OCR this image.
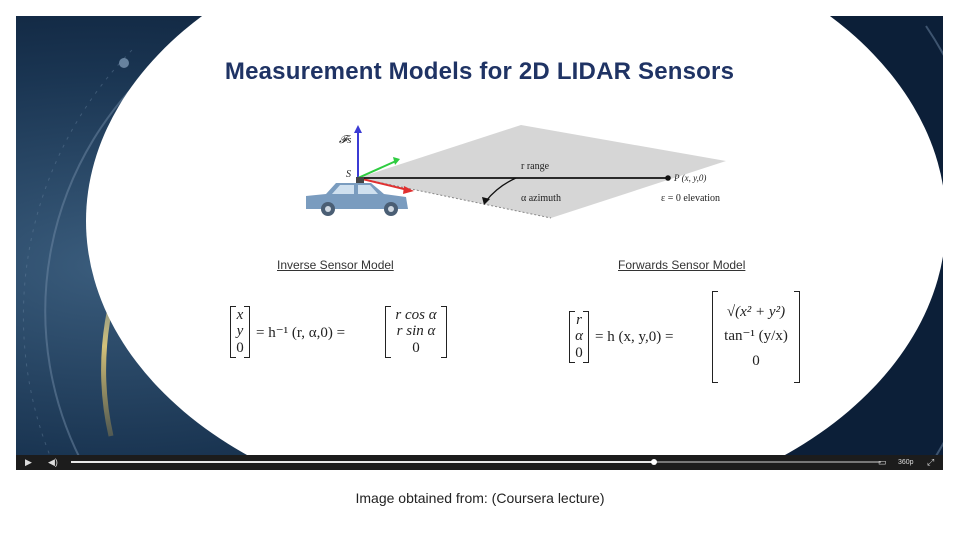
Measurement Models for 2D LIDAR Sensors
𝓕s
S
r range
α azimuth
P (x, y,0)
ε = 0 elevation
Inverse Sensor Model	Forwards Sensor Model
x
y
0
= h⁻¹ (r, α,0) =
r cos α
r sin α
0
r
α
0
= h (x, y,0) =
√(x² + y²)
tan⁻¹ (y/x)
0
▶ ◀)	▭ 360p ⤢
Image obtained from: (Coursera lecture)
